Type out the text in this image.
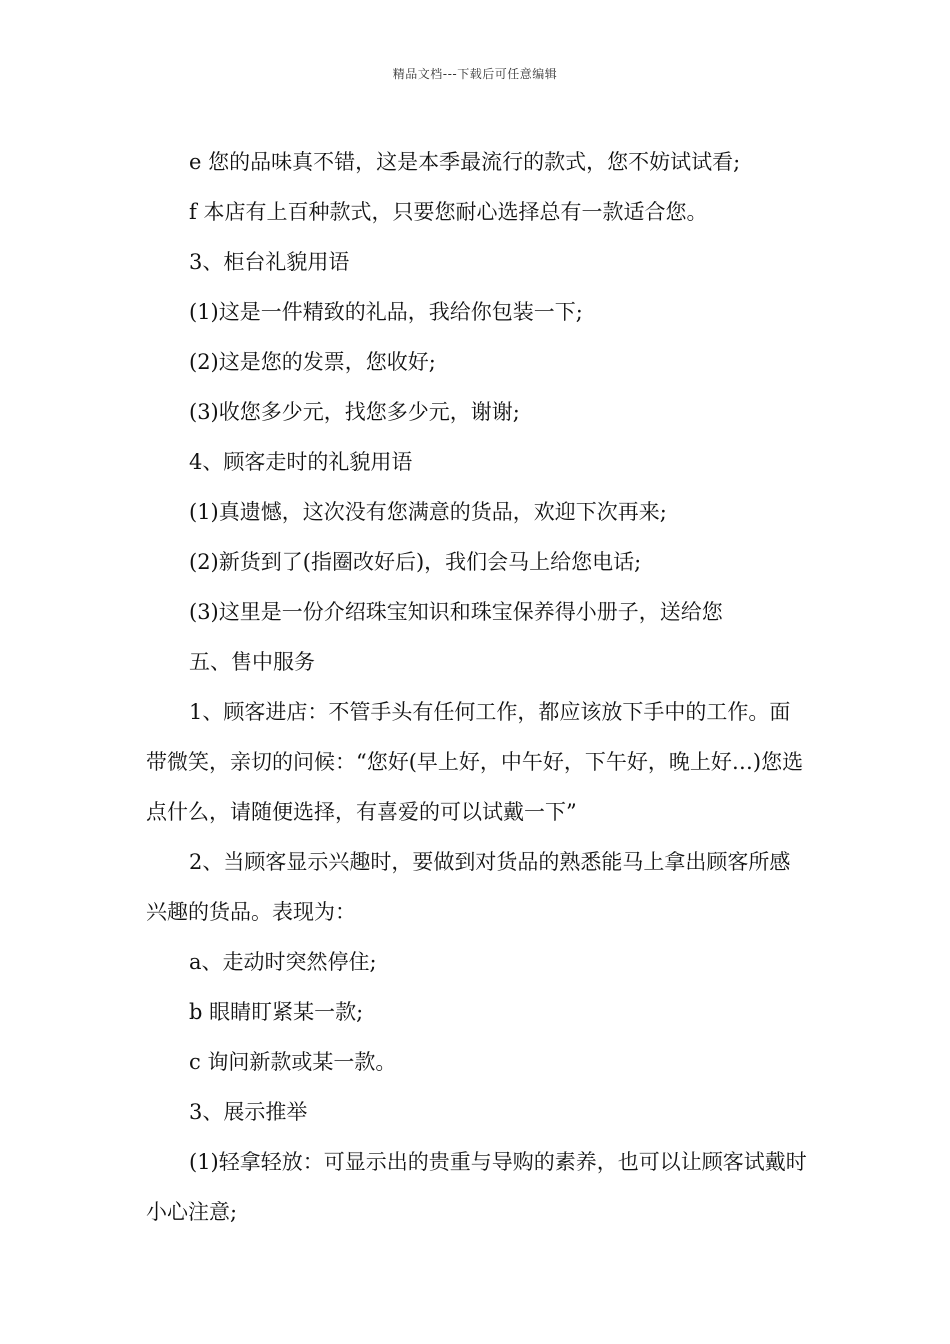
精品文档---下载后可任意编辑

e 您的品味真不错，这是本季最流行的款式，您不妨试试看;

f 本店有上百种款式，只要您耐心选择总有一款适合您。

3、柜台礼貌用语

(1)这是一件精致的礼品，我给你包装一下;

(2)这是您的发票，您收好;

(3)收您多少元，找您多少元，谢谢;

4、顾客走时的礼貌用语

(1)真遗憾，这次没有您满意的货品，欢迎下次再来;

(2)新货到了(指圈改好后)，我们会马上给您电话;

(3)这里是一份介绍珠宝知识和珠宝保养得小册子，送给您

五、售中服务

1、顾客进店：不管手头有任何工作，都应该放下手中的工作。面带微笑，亲切的问候：“您好(早上好，中午好，下午好，晚上好…)您选点什么，请随便选择，有喜爱的可以试戴一下”

2、当顾客显示兴趣时，要做到对货品的熟悉能马上拿出顾客所感兴趣的货品。表现为：

a、走动时突然停住;

b 眼睛盯紧某一款;

c 询问新款或某一款。

3、展示推举

(1)轻拿轻放：可显示出的贵重与导购的素养，也可以让顾客试戴时小心注意;
